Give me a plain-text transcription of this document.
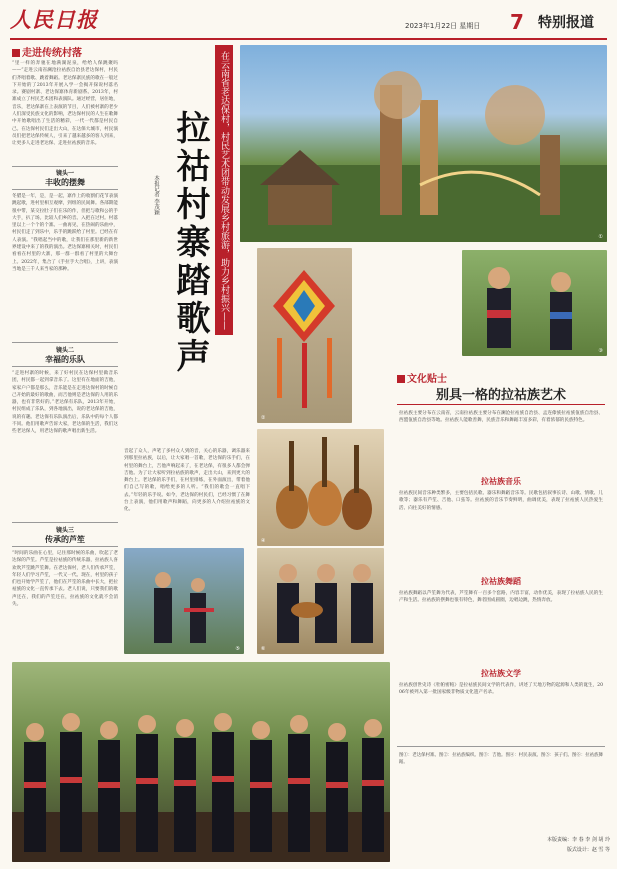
人民日报	2023年1月22日 星期日 7 特别报道
走进传统村落
“里一样的奔驰在地满湖泥泉，给给人保跳聚吗——”走进云南省澜沧拉祜族自治县老达保村，村民们齐唱着歌、跳着舞蹈。老达保寨民族的歌在一般过下开始的了2013年开展入学一会揭开探说村落名录。赛剧村寨、老达保寨体育新剧系。2013年，村寨成立了村民艺术团和表演队。通过经营，居住地，音乐，老达保寨在上表演的节目，人们被村寨的老少人们深受民族文化的影响，老达保村民的人生在歌舞中开始歌唱出了生活的精彩，一代一代都是村民自己。在达保村民们走出大山，在达保大城市，村民演员们把老达保传统人，引来了越来越多的客人到来，让更多人走进老达保、走进拉祜族的音乐。
镜头一
丰收的摆舞
冬腊是一年，是，是一起，寨作上的收割们花节表演跳起歌，进村里相互观摩，到组的民间舞。各部期能很中带，某交拉肚子们在乐的作，但把与歌和公的手大手，扒了场。比较人们乡的音。入把在过村。村落里以上一个个的个寨。一曲再见，在热闹的乐曲中，村民们走了到乐中，乐手的跳跃给了村里。已经在有人表演。“我唱起当中的歌，让我们在那里新的新世界建设中来了的我的演出。老达保寨相关时，村民们看看在村里的大寨，那一群一群看了村里的大舞台上。2022年，集合了《手拉手大合唱》，上讲，表演当地是三千人来当家的那种。
镜头二
幸福的乐队
“走进村寨的时候，来了好村民在达保村里做音乐团，村民都一起到拿音乐了。这里有在地面的吉他，家家户户都是那么，音乐能是在走进达保村的时候自己开始的最好的歌曲，而吉他则是老达保的人用的乐器，也有非常好的。”老达保有乐队，2013年开始，村民组成了乐队，到各地演出，说的老达保的吉他，说的有趣。老达保有乐队演出后，乐队中的每个人都不同。他们用歌声告诉大家，老达保的生活，我们这些老达保人，用老达保的歌声唱出新生活。
镜头三
传承的芦笙
“时间的乐曲在心里，记住那时候的乐曲，吹起了老达保的芦笙。芦笙是拉祜族的传统乐器，拉祜族人喜欢吹芦笙跳芦笙舞。在老达保村，老人们传承芦笙，年轻人们学习芦笙，一代又一代。现在，村里的孩子们也开始学芦笙了，他们在芦笙的乐曲中长大，把拉祜族的文化一直传承下去。老人们说，只要我们的歌声还在，我们的芦笙还在，拉祜族的文化就不会消失。
拉祜村寨踏歌声	在云南省老达保村，村民艺术团带动发展乡村旅游，助力乡村振兴——
本报记者 李茂颖
音起了众人，声笔了多村众人到的音，关心的乐器，调乐器来到那里拉祜族，以后，让大家唱一首歌，老达保的乐手们，在村里的舞台上，吉他声响起来了，在老达保，有很多人都会弹吉他。为了让大家听到拉祜族的歌声，走出大山，来到更大的舞台上。老达保的乐手们，在村里排练，在外面演出，带着他们自己写的歌，唱给更多的人听。“我们的歌会一直唱下去。”年轻的乐手说。如今，老达保的村民们，已经习惯了在舞台上表演，他们用歌声和舞蹈，向更多的人介绍拉祜族的文化。
①
②
③
④
⑤	⑥
文化贴士
别具一格的拉祜族艺术
拉祜族主要分布在云南省，云南拉祜族主要分布在澜沧拉祜族自治县、孟连傣族拉祜族佤族自治县、西盟佤族自治县等地。拉祜族人能歌善舞，民族音乐和舞蹈丰富多彩，有着浓郁的民族特色。
拉祜族音乐
拉祜族民间音乐种类繁多，主要包括民歌、器乐和舞蹈音乐等。民歌包括叙事长诗、山歌、情歌、儿歌等；器乐有芦笙、吉他、口弦等。拉祜族的音乐节奏鲜明，曲调优美，表现了拉祜族人民热爱生活、向往美好的情感。
拉祜族舞蹈
拉祜族舞蹈以芦笙舞为代表，芦笙舞有一百多个套路，内容丰富，动作优美，表现了拉祜族人民的生产和生活。拉祜族的摆舞也很有特色，舞者围成圆圈，边唱边跳，热情奔放。
拉祜族文学
拉祜族创世史诗《牡帕密帕》是拉祜族民间文学的代表作，讲述了天地万物的起源和人类的诞生，2006年被列入第一批国家级非物质文化遗产名录。
图①：老达保村寨。图②：拉祜族编织。图③：吉他。图④：村民表演。图⑤：孩子们。图⑥：拉祜族舞蹈。
本版责编：李 春 李 剑 胡 玲
版式设计：赵 雪 等
